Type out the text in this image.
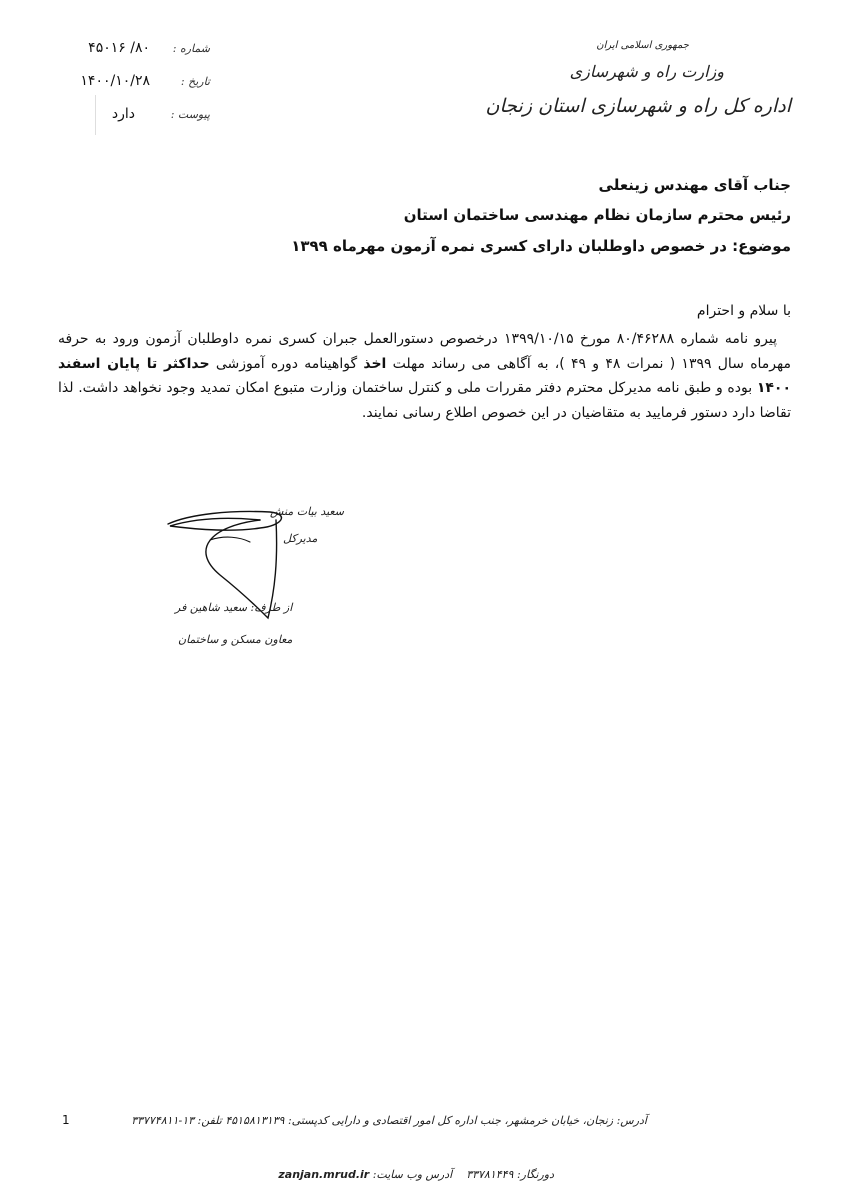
جمهوری اسلامی ایران
وزارت راه و شهرسازی
اداره کل راه و شهرسازی استان زنجان
شماره :
۸۰/ ۴۵۰۱۶
تاریخ :
۱۴۰۰/۱۰/۲۸
پیوست :
دارد
جناب آقای مهندس زینعلی
رئیس محترم سازمان نظام مهندسی ساختمان استان
موضوع: در خصوص داوطلبان دارای کسری نمره آزمون مهرماه ۱۳۹۹
با سلام و احترام
 پیرو نامه شماره ۸۰/۴۶۲۸۸ مورخ ۱۳۹۹/۱۰/۱۵ درخصوص دستورالعمل جبران کسری نمره داوطلبان آزمون ورود به حرفه مهرماه سال ۱۳۹۹ ( نمرات ۴۸ و ۴۹ )، به آگاهی می رساند مهلت اخذ گواهینامه دوره آموزشی حداکثر تا پایان اسفند ۱۴۰۰ بوده و طبق نامه مدیرکل محترم دفتر مقررات ملی و کنترل ساختمان وزارت متبوع امکان تمدید وجود نخواهد داشت. لذا تقاضا دارد دستور فرمایید به متقاضیان در این خصوص اطلاع رسانی نمایند.
سعید بیات منش
مدیرکل
از طرف: سعید شاهین فر
معاون مسکن و ساختمان
1	آدرس: زنجان، خیابان خرمشهر، جنب اداره کل امور اقتصادی و دارایی کدپستی: ۴۵۱۵۸۱۳۱۳۹ تلفن: ۱۳-۳۳۷۷۴۸۱۱
دورنگار: ۳۳۷۸۱۴۴۹    آدرس وب سایت: zanjan.mrud.ir
